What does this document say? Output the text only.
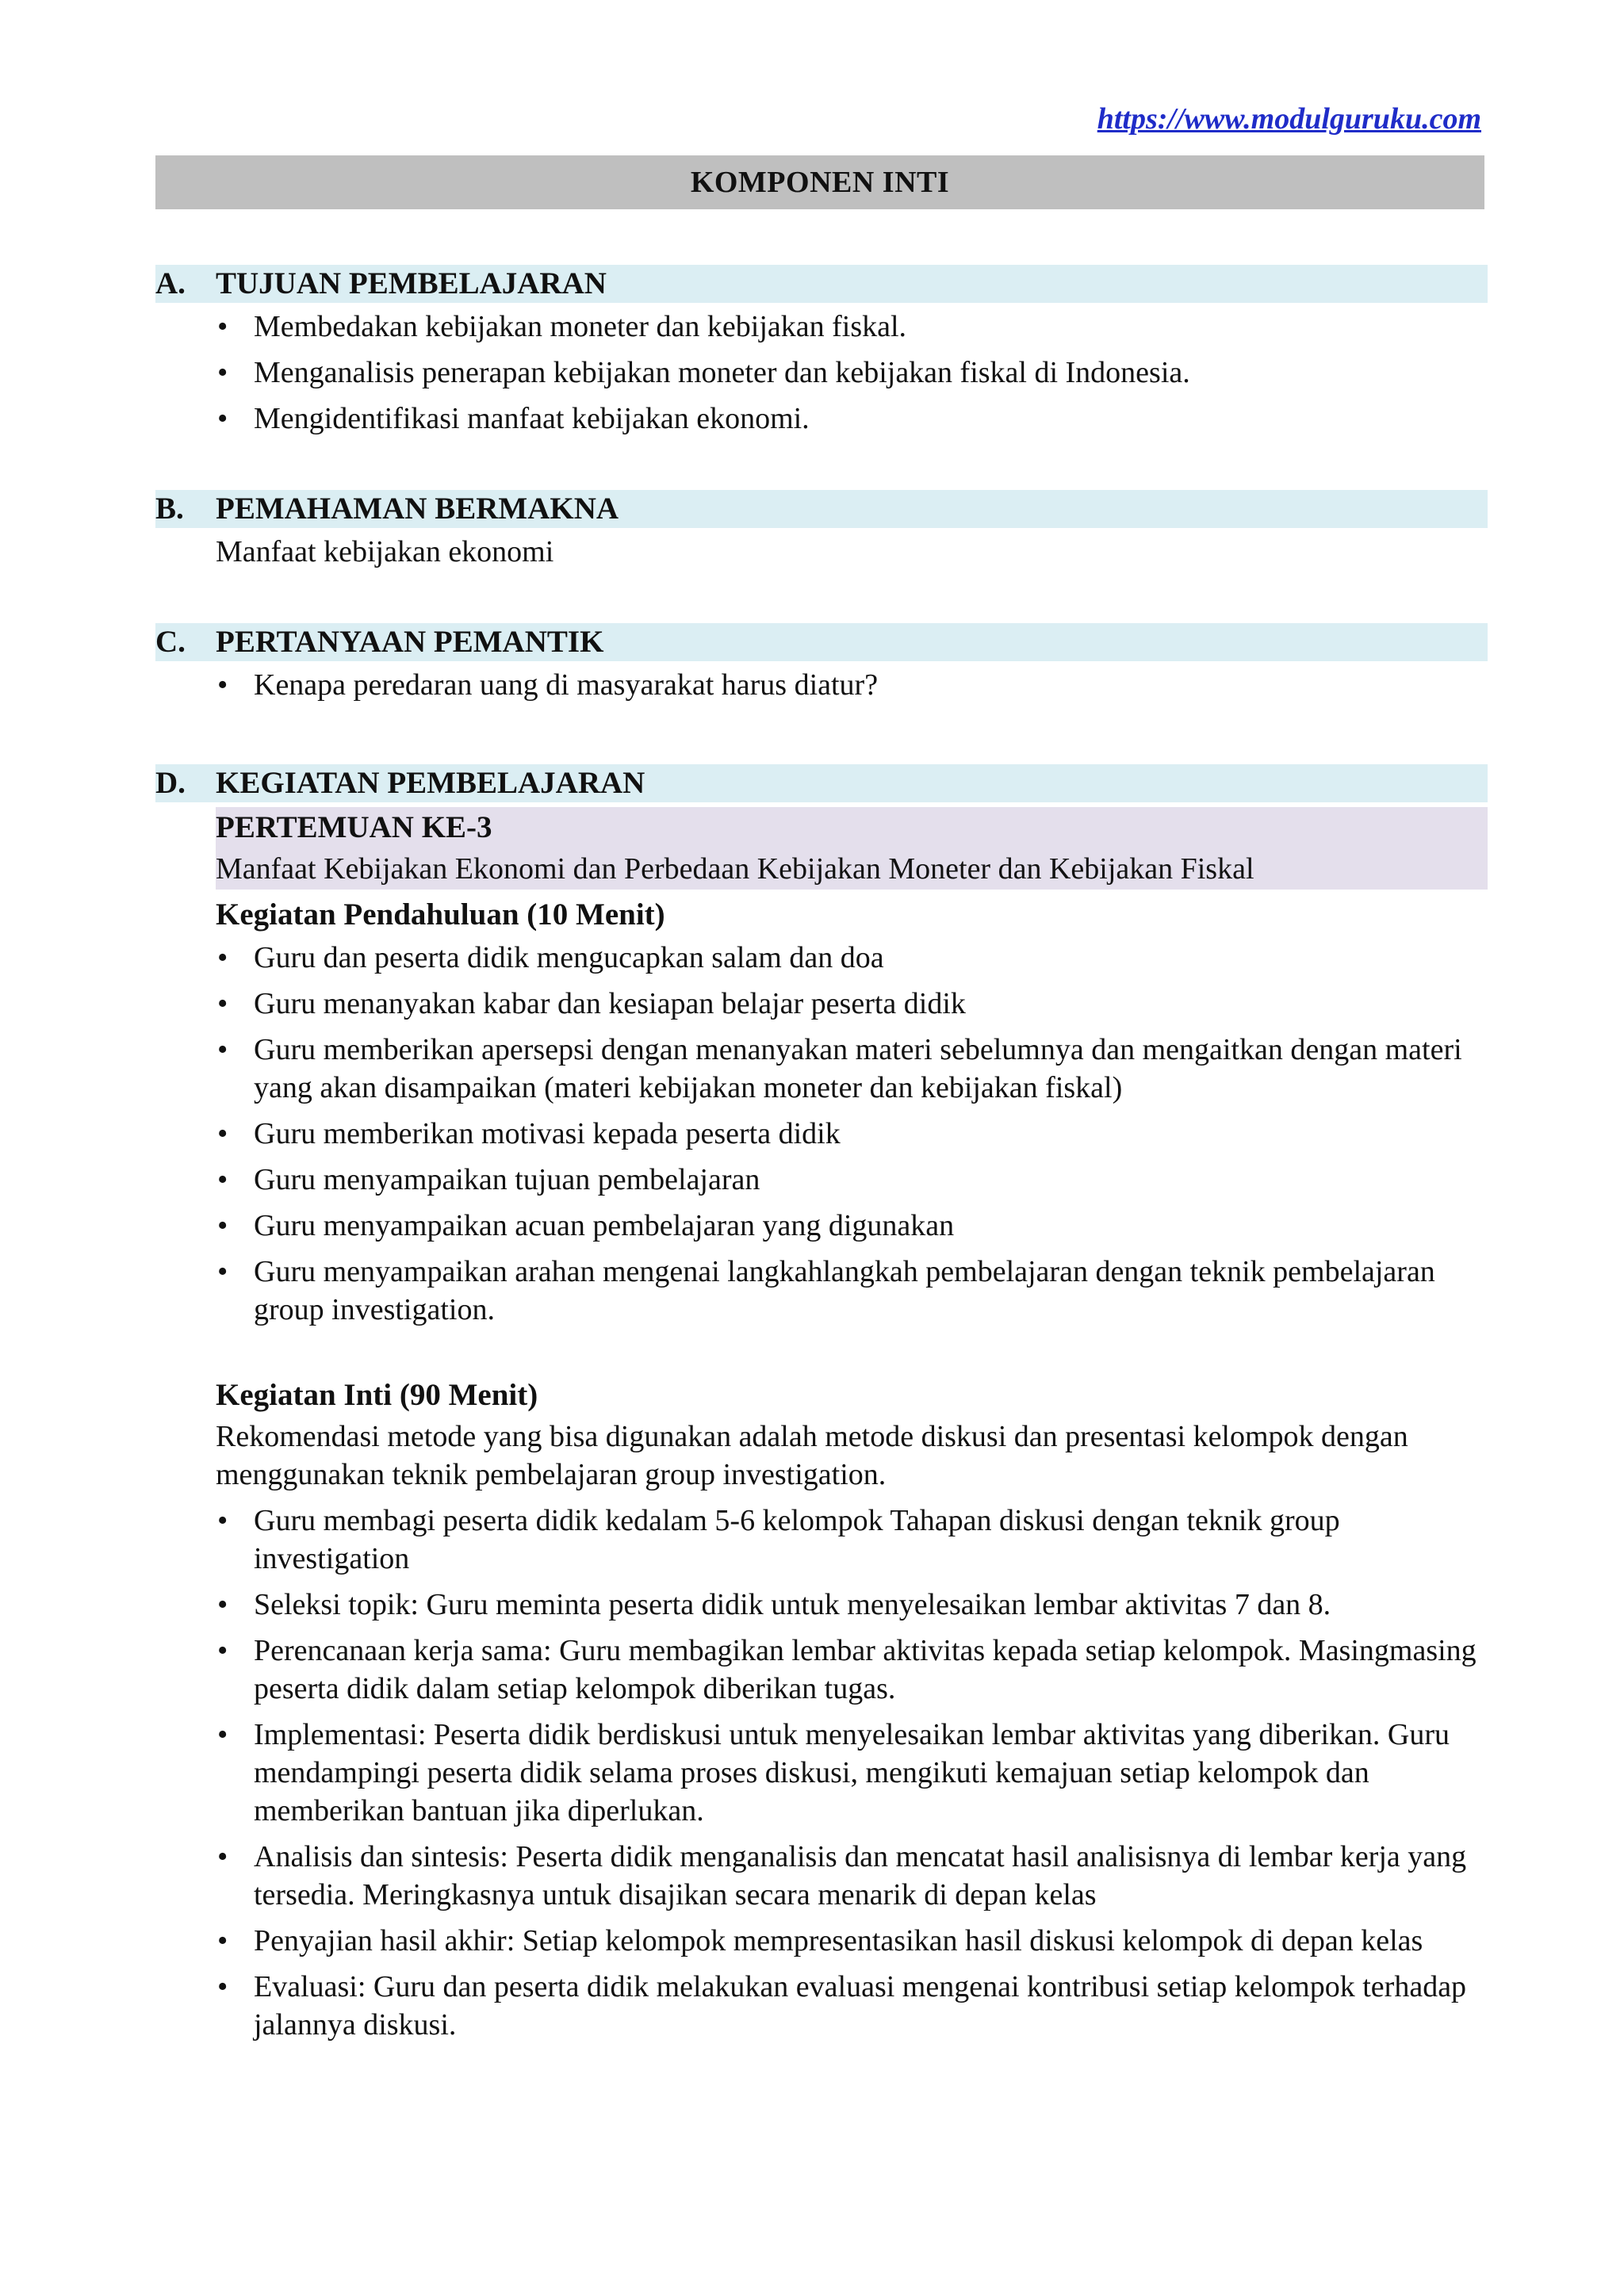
https://www.modulguruku.com
KOMPONEN INTI
A. TUJUAN PEMBELAJARAN
• Membedakan kebijakan moneter dan kebijakan fiskal.
• Menganalisis penerapan kebijakan moneter dan kebijakan fiskal di Indonesia.
• Mengidentifikasi manfaat kebijakan ekonomi.
B.	PEMAHAMAN BERMAKNA
Manfaat kebijakan ekonomi
C. PERTANYAAN PEMANTIK
• Kenapa peredaran uang di masyarakat harus diatur?
D. KEGIATAN PEMBELAJARAN
PERTEMUAN KE-3
Manfaat Kebijakan Ekonomi dan Perbedaan Kebijakan Moneter dan Kebijakan Fiskal
Kegiatan Pendahuluan (10 Menit)
• Guru dan peserta didik mengucapkan salam dan doa
• Guru menanyakan kabar dan kesiapan belajar peserta didik
• Guru memberikan apersepsi dengan menanyakan materi sebelumnya dan mengaitkan dengan materi yang akan disampaikan (materi kebijakan moneter dan kebijakan fiskal)
• Guru memberikan motivasi kepada peserta didik
• Guru menyampaikan tujuan pembelajaran
• Guru menyampaikan acuan pembelajaran yang digunakan
• Guru menyampaikan arahan mengenai langkahlangkah pembelajaran dengan teknik pembelajaran group investigation.
Kegiatan Inti (90 Menit)
Rekomendasi metode yang bisa digunakan adalah metode diskusi dan presentasi kelompok dengan menggunakan teknik pembelajaran group investigation.
• Guru membagi peserta didik kedalam 5-6 kelompok Tahapan diskusi dengan teknik group investigation
• Seleksi topik: Guru meminta peserta didik untuk menyelesaikan lembar aktivitas 7 dan 8.
• Perencanaan kerja sama: Guru membagikan lembar aktivitas kepada setiap kelompok. Masingmasing peserta didik dalam setiap kelompok diberikan tugas.
• Implementasi: Peserta didik berdiskusi untuk menyelesaikan lembar aktivitas yang diberikan. Guru mendampingi peserta didik selama proses diskusi, mengikuti kemajuan setiap kelompok dan memberikan bantuan jika diperlukan.
• Analisis dan sintesis: Peserta didik menganalisis dan mencatat hasil analisisnya di lembar kerja yang tersedia. Meringkasnya untuk disajikan secara menarik di depan kelas
• Penyajian hasil akhir: Setiap kelompok mempresentasikan hasil diskusi kelompok di depan kelas
• Evaluasi: Guru dan peserta didik melakukan evaluasi mengenai kontribusi setiap kelompok terhadap jalannya diskusi.
